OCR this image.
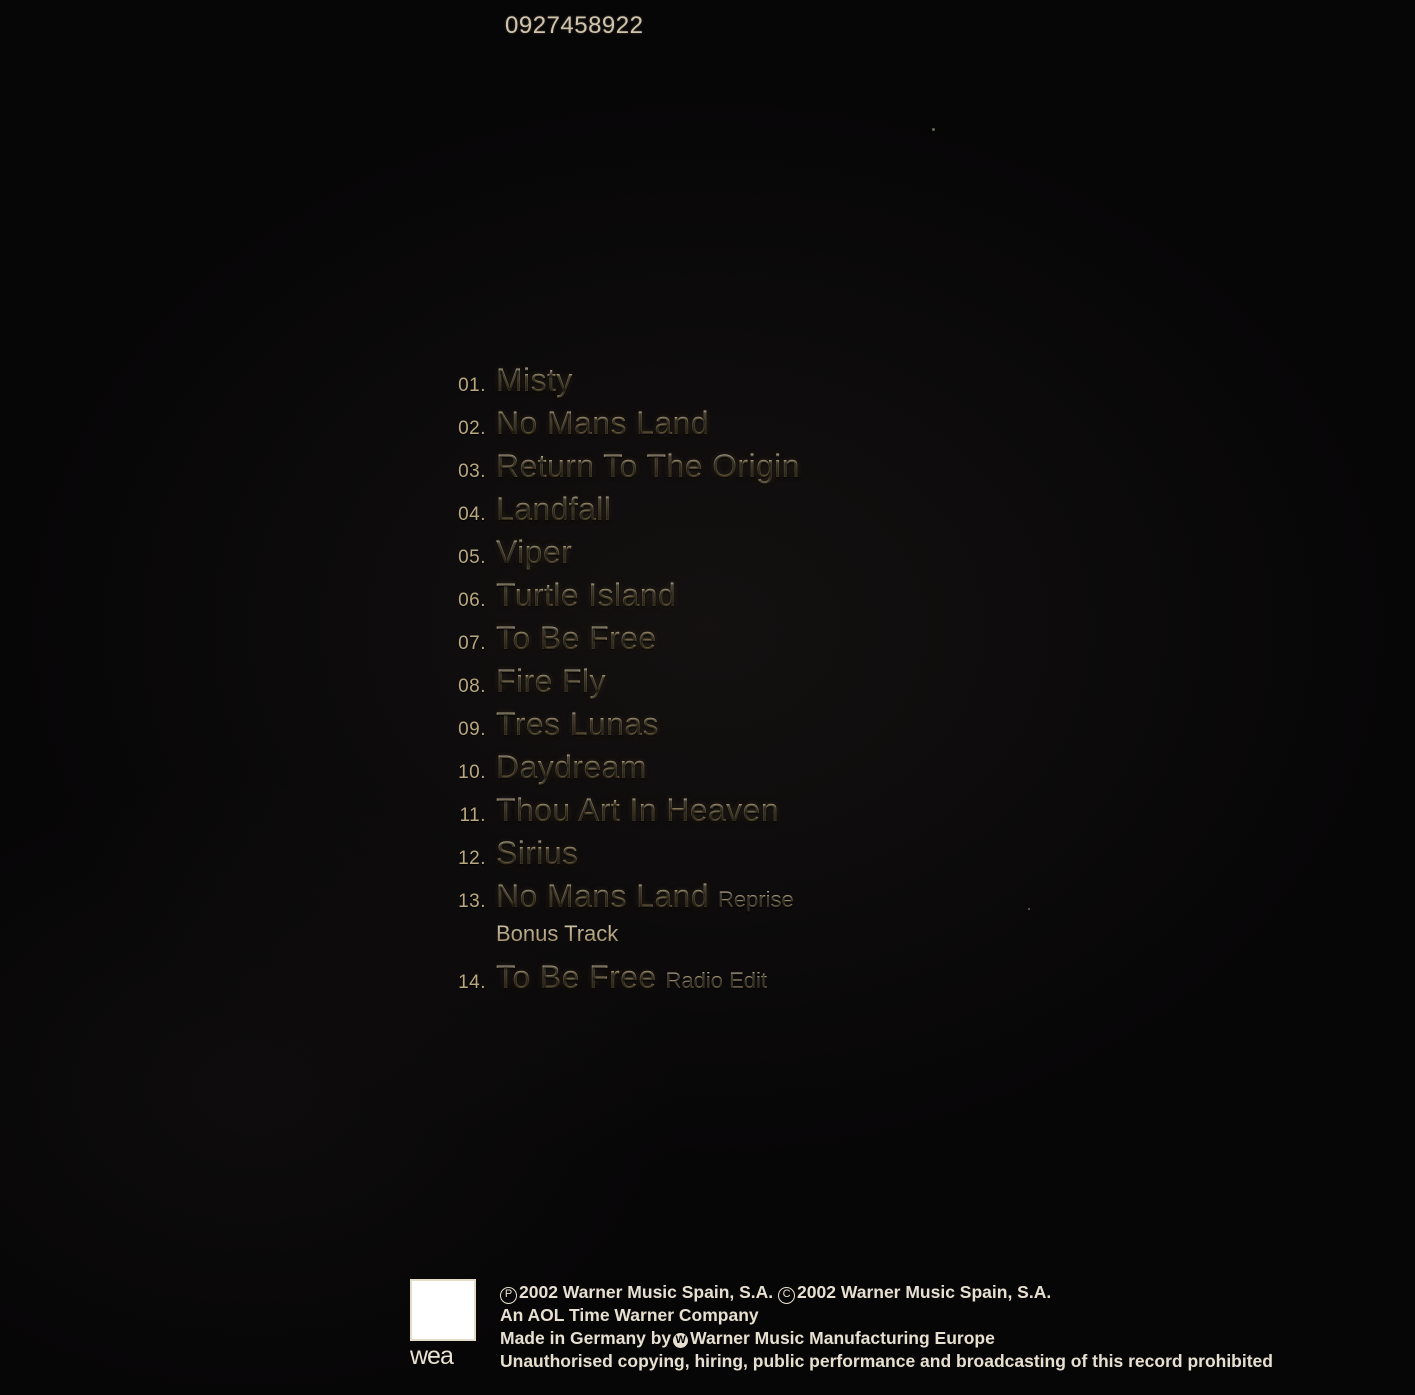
0927458922
01. Misty
02. No Mans Land
03. Return To The Origin
04. Landfall
05. Viper
06. Turtle Island
07. To Be Free
08. Fire Fly
09. Tres Lunas
10. Daydream
11. Thou Art In Heaven
12. Sirius
13. No Mans Land Reprise
Bonus Track
14. To Be Free Radio Edit
wea
P 2002 Warner Music Spain, S.A. C 2002 Warner Music Spain, S.A.
An AOL Time Warner Company
Made in Germany by W Warner Music Manufacturing Europe
Unauthorised copying, hiring, public performance and broadcasting of this record prohibited
